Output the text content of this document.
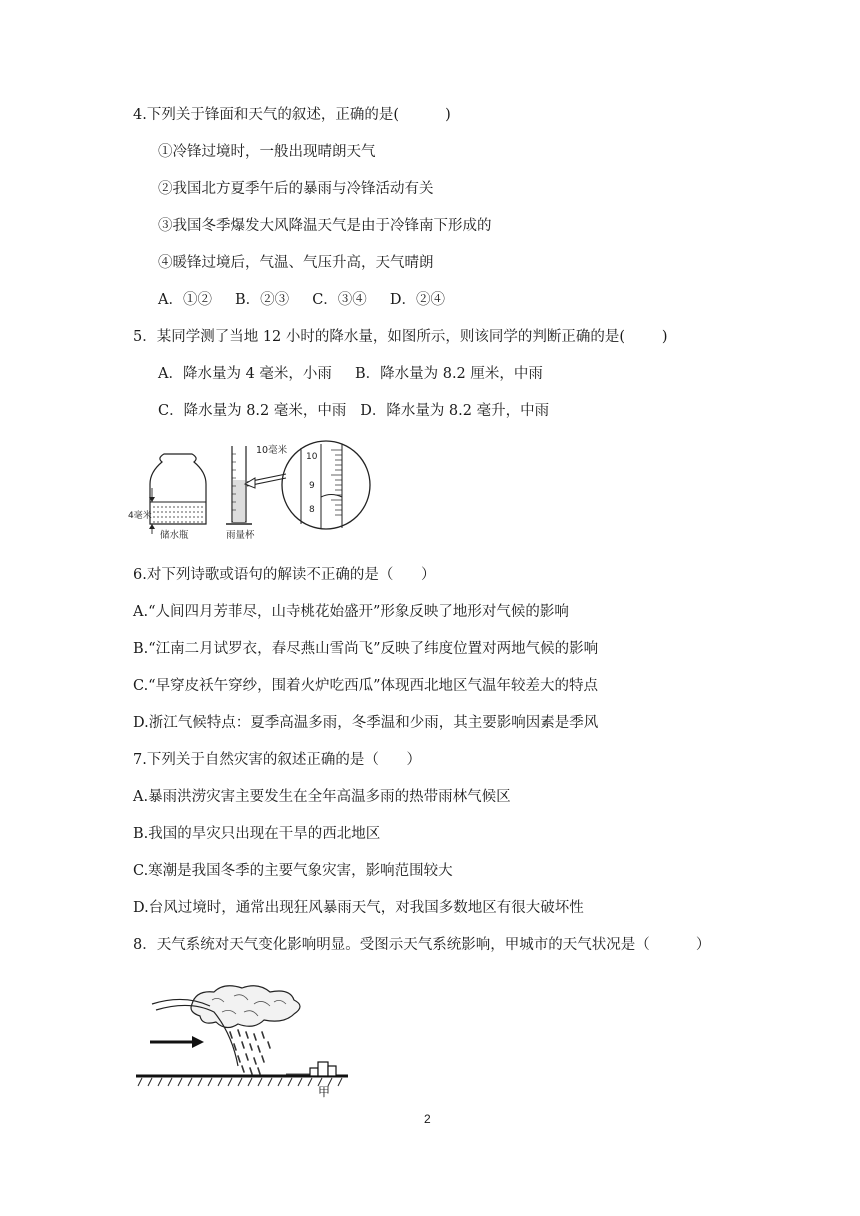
4.下列关于锋面和天气的叙述，正确的是(          )
①冷锋过境时，一般出现晴朗天气
②我国北方夏季午后的暴雨与冷锋活动有关
③我国冬季爆发大风降温天气是由于冷锋南下形成的
④暖锋过境后，气温、气压升高，天气晴朗
A．①②     B．②③     C．③④     D．②④
5．某同学测了当地 12 小时的降水量，如图所示，则该同学的判断正确的是(        )
A．降水量为 4 毫米，小雨     B．降水量为 8.2 厘米，中雨
C．降水量为 8.2 毫米，中雨   D．降水量为 8.2 毫升，中雨
4毫米
储水瓶	雨量杯
10毫米
10
9
8
6.对下列诗歌或语句的解读不正确的是（      ）
A.“人间四月芳菲尽，山寺桃花始盛开”形象反映了地形对气候的影响
B.“江南二月试罗衣，春尽燕山雪尚飞”反映了纬度位置对两地气候的影响
C.“早穿皮袄午穿纱，围着火炉吃西瓜”体现西北地区气温年较差大的特点
D.浙江气候特点：夏季高温多雨，冬季温和少雨，其主要影响因素是季风
7.下列关于自然灾害的叙述正确的是（      ）
A.暴雨洪涝灾害主要发生在全年高温多雨的热带雨林气候区
B.我国的旱灾只出现在干旱的西北地区
C.寒潮是我国冬季的主要气象灾害，影响范围较大
D.台风过境时，通常出现狂风暴雨天气，对我国多数地区有很大破坏性
8．天气系统对天气变化影响明显。受图示天气系统影响，甲城市的天气状况是（          ）
甲
2
